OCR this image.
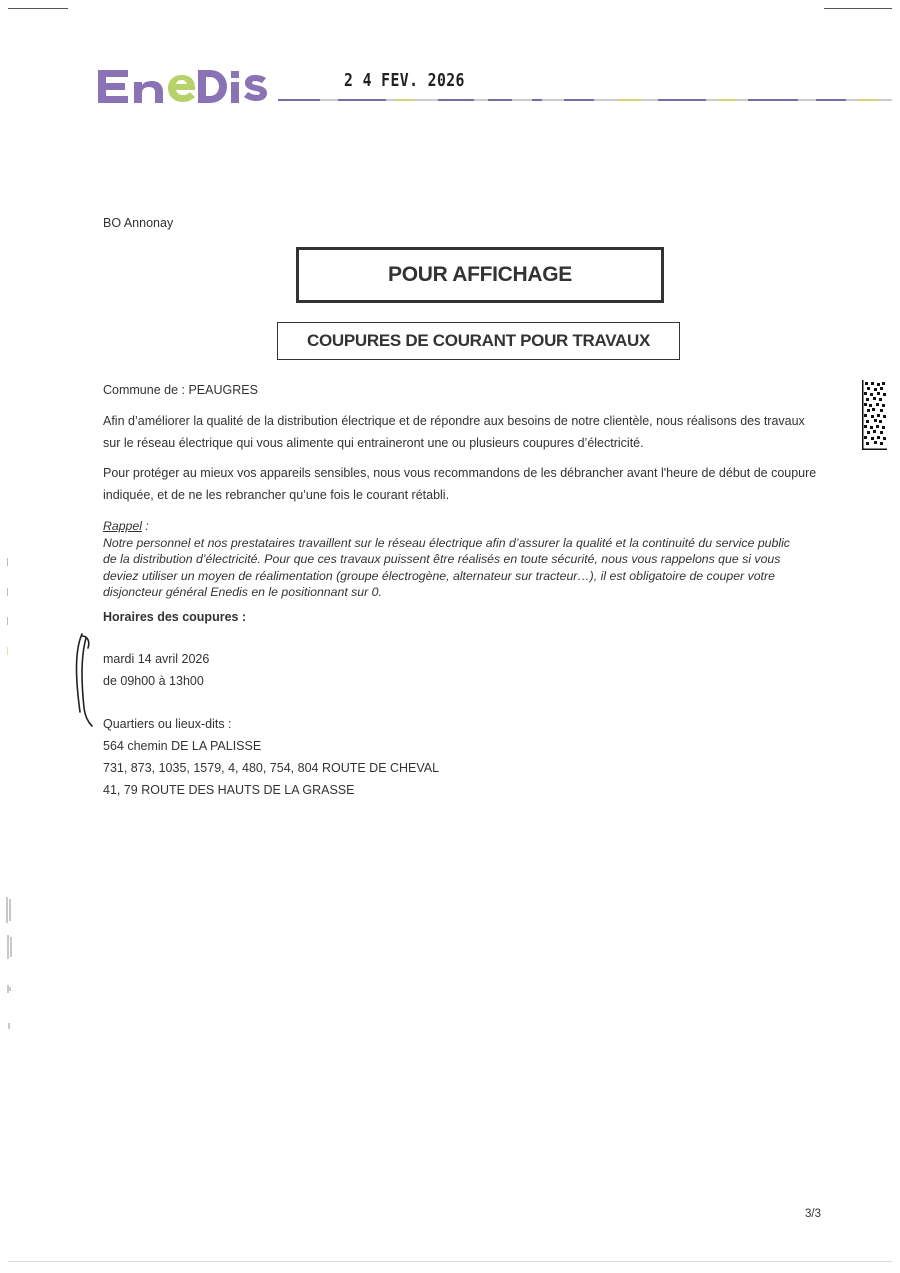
2 4 FEV. 2026
BO Annonay
POUR AFFICHAGE
COUPURES DE COURANT POUR TRAVAUX
Commune de : PEAUGRES
Afin d’améliorer la qualité de la distribution électrique et de répondre aux besoins de notre clientèle, nous réalisons des travaux
sur le réseau électrique qui vous alimente qui entraineront une ou plusieurs coupures d’électricité.
Pour protéger au mieux vos appareils sensibles, nous vous recommandons de les débrancher avant l'heure de début de coupure
indiquée, et de ne les rebrancher qu’une fois le courant rétabli.
Rappel :
Notre personnel et nos prestataires travaillent sur le réseau électrique afin d’assurer la qualité et la continuité du service public
de la distribution d’électricité. Pour que ces travaux puissent être réalisés en toute sécurité, nous vous rappelons que si vous
deviez utiliser un moyen de réalimentation (groupe électrogène, alternateur sur tracteur…), il est obligatoire de couper votre
disjoncteur général Enedis en le positionnant sur 0.
Horaires des coupures :
mardi 14 avril 2026
de 09h00 à 13h00
Quartiers ou lieux-dits :
564 chemin DE LA PALISSE
731, 873, 1035, 1579, 4, 480, 754, 804 ROUTE DE CHEVAL
41, 79 ROUTE DES HAUTS DE LA GRASSE
3/3
